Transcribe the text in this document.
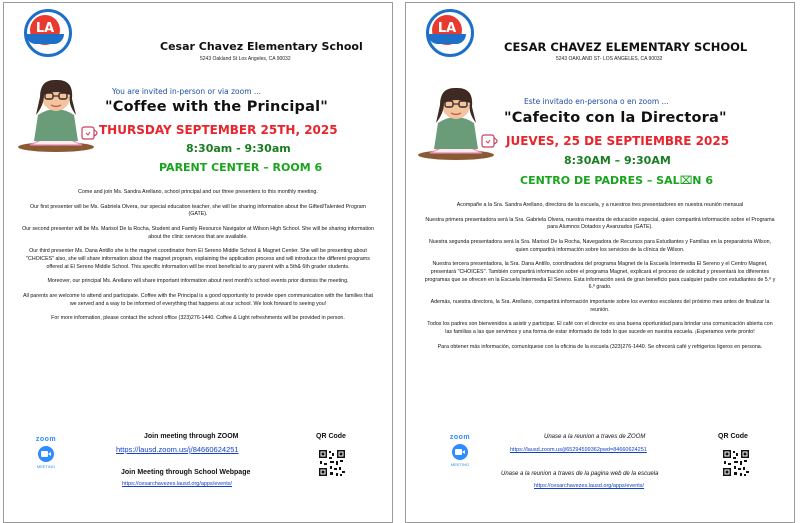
LA
Cesar Chavez Elementary School
5243 Oakland St Los Angeles, CA 90032
You are invited in-person or via zoom ...
"Coffee with the Principal"
THURSDAY SEPTEMBER 25TH, 2025
8:30am - 9:30am
PARENT CENTER – ROOM 6

Come and join Ms. Sandra Arellano, school principal and our three presenters to this monthly meeting.

Our first presenter will be Ms. Gabriela Olvera, our special education teacher, she will be sharing information about the Gifted/Talented Program (GATE).

Our second presenter will be Ms. Marisol De la Rocha, Student and Family Resource Navigator at Wilson High School. She will be sharing information about the clinic services that are available.

Our third presenter Ms. Dana Antillo she is the magnet coordinator from El Sereno Middle School & Magnet Center. She will be presenting about "CHOICES" also, she will share information about the magnet program, explaining the application process and will introduce the different programs offered at El Sereno Middle School. This specific information will be most beneficial to any parent with a 5th& 6th grader students.

Moreover, our principal Ms. Arellano will share important information about next month's school events prior dismiss the meeting.

All parents are welcome to attend and participate. Coffee with the Principal is a good opportunity to provide open communication with the families that we served and a way to be informed of everything that happens at our school. We look forward to seeing you!

For more information, please contact the school office (323)276-1440. Coffee & Light refreshments will be provided in person.

zoom
MEETING
Join meeting through ZOOM
https://lausd.zoom.us/j/84660624251
Join Meeting through School Webpage
https://cesarchavezes.lausd.org/apps/events/
QR Code
LA
CESAR CHAVEZ ELEMENTARY SCHOOL
5243 OAKLAND ST- LOS ANGELES, CA 90032
Este invitado en-persona o en zoom ...
"Cafecito con la Directora"
JUEVES, 25 DE SEPTIEMBRE 2025
8:30AM – 9:30AM
CENTRO DE PADRES – SAL⌧N 6

Acompañe a la Sra. Sandra Arellano, directora de la escuela, y a nuestros tres presentadores en nuestra reunión mensual

Nuestra primera presentadora será la Sra. Gabriela Olvera, nuestra maestra de educación especial, quien compartirá información sobre el Programa para Alumnos Dotados y Avanzados (GATE).

Nuestra segunda presentadora será la Sra. Marisol De la Rocha, Navegadora de Recursos para Estudiantes y Familias en la preparatoria Wilson, quien compartirá información sobre los servicios de la clínica de Wilson.

Nuestra tercera presentadora, la Sra. Dana Antillo, coordinadora del programa Magnet de la Escuela Intermedia El Sereno y el Centro Magnet, presentará "CHOICES". También compartirá información sobre el programa Magnet, explicará el proceso de solicitud y presentará los diferentes programas que se ofrecen en la Escuela Intermedia El Sereno. Esta información será de gran beneficio para cualquier padre con estudiantes de 5.º y 6.º grado.

Además, nuestra directora, la Sra. Arellano, compartirá información importante sobre los eventos escolares del próximo mes antes de finalizar la reunión.

Todos los padres son bienvenidos a asistir y participar. El café con el director es una buena oportunidad para brindar una comunicación abierta con las familias a las que servimos y una forma de estar informado de todo lo que sucede en nuestra escuela. ¡Esperamos verte pronto!

Para obtener más información, comuníquese con la oficina de la escuela (323)276-1440. Se ofrecerá café y refrigerios ligeros en persona.

zoom
MEETING
Unase a la reunion a traves de ZOOM
https://lausd.zoom.us/j/65294599362pwd=84660624251
Unase a la reunion a traves de la pagina web de la escuela
https://cesarchavezes.lausd.org/apps/events/
QR Code
